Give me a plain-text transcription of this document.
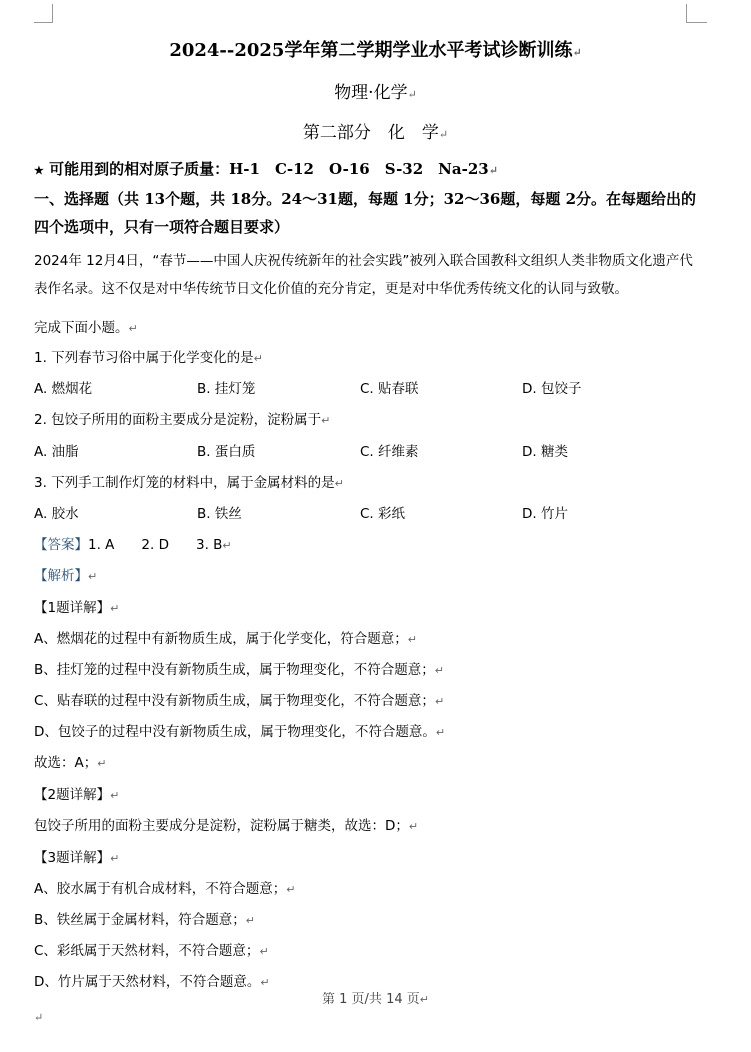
2024--2025学年第二学期学业水平考试诊断训练↵
物理·化学↵
第二部分　化　学↵
★ 可能用到的相对原子质量：H-1　C-12　O-16　S-32　Na-23↵
一、选择题（共 13个题，共 18分。24～31题，每题 1分；32～36题，每题 2分。在每题给出的 四个选项中，只有一项符合题目要求）
2024年 12月4日，“春节——中国人庆祝传统新年的社会实践”被列入联合国教科文组织人类非物质文化遗产代表作名录。这不仅是对中华传统节日文化价值的充分肯定，更是对中华优秀传统文化的认同与致敬。
完成下面小题。↵
1. 下列春节习俗中属于化学变化的是↵
A. 燃烟花	B. 挂灯笼	C. 贴春联	D. 包饺子
2. 包饺子所用的面粉主要成分是淀粉，淀粉属于↵
A. 油脂	B. 蛋白质	C. 纤维素	D. 糖类
3. 下列手工制作灯笼的材料中，属于金属材料的是↵
A. 胶水	B. 铁丝	C. 彩纸	D. 竹片
【答案】1. A　　2. D　　3. B↵
【解析】↵
【1题详解】↵
A、燃烟花的过程中有新物质生成，属于化学变化，符合题意；↵
B、挂灯笼的过程中没有新物质生成，属于物理变化，不符合题意；↵
C、贴春联的过程中没有新物质生成，属于物理变化，不符合题意；↵
D、包饺子的过程中没有新物质生成，属于物理变化，不符合题意。↵
故选：A；↵
【2题详解】↵
包饺子所用的面粉主要成分是淀粉，淀粉属于糖类，故选：D；↵
【3题详解】↵
A、胶水属于有机合成材料，不符合题意；↵
B、铁丝属于金属材料，符合题意；↵
C、彩纸属于天然材料，不符合题意；↵
D、竹片属于天然材料，不符合题意。↵
第 1 页/共 14 页↵
↵
